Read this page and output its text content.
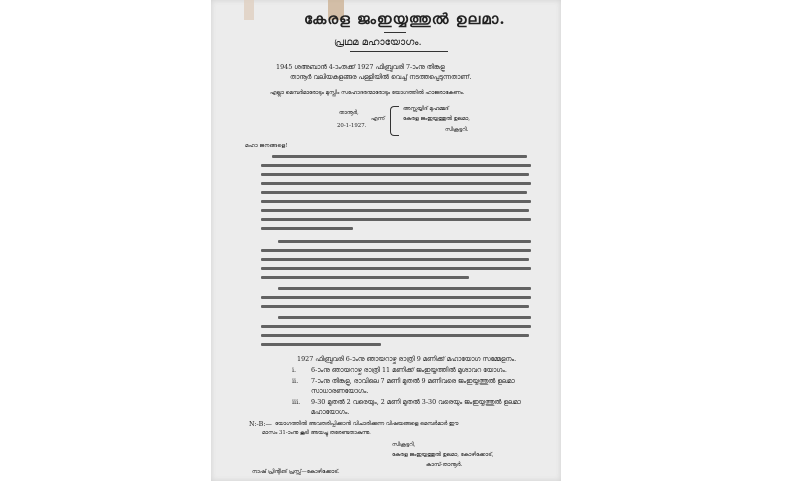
കേരള ജംഇയ്യത്തുൽ ഉലമാ.
പ്രഥമ മഹായോഗം.
1945 ശഅബാൻ 4-ാംതക്ക് 1927 ഫിബ്രുവരി 7-ാംനു തിങ്കളു
താനൂർ വലിയകുളങ്ങര പള്ളിയിൽ വെച്ച് നടത്തപ്പെടുന്നതാണ്.
എല്ലാ മെമ്പർമാരോടും മുസ്ലിം സഹോദരന്മാരോടും യോഗത്തിൽ ഹാജരാകേണം.
താനൂർ,
20-1-1927.
അസ്സയ്യിദ് മുഹമ്മദ്
എന്ന്	കേരള ജംഇയ്യത്തുൽ ഉലമാ,
സിക്രട്ടറി.
മഹാ ജനങ്ങളെ!
1927 ഫിബ്രുവരി 6-ാംനു ഞായറാഴ്ച രാത്രി 9 മണിക്ക് മഹായോഗ സമ്മേളനം.
i. 6-ാംനു ഞായറാഴ്ച രാത്രി 11 മണിക്ക് ജംഇയ്യത്തിൽ മുശാവറ യോഗം.
ii. 7-ാംനു തിങ്കളു, രാവിലെ 7 മണി മുതൽ 9 മണിവരെ ജംഇയ്യത്തുൽ ഉലമാ
സാധാരണയോഗം.
iii. 9-30 മുതൽ 2 വരെയും, 2 മണി മുതൽ 3-30 വരെയും ജംഇയ്യത്തുൽ ഉലമാ
മഹായോഗം.
N:-B:— യോഗത്തിൽ അവതരിപ്പിക്കാൻ വിചാരിക്കുന്ന വിഷയങ്ങളെ മെമ്പർമാർ ഈ
മാസം 31-ാംനു കൂടി അയച്ചു തരേണ്ടതാകുന്നു.
സിക്രട്ടറി,
കേരള ജംഇയ്യത്തുൽ ഉലമാ, കോഴിക്കോട്,
കാമ്പ്-താനൂർ.
നാഷ് പ്രിന്റിങ് പ്രസ്സ്—കോഴിക്കോട്.
